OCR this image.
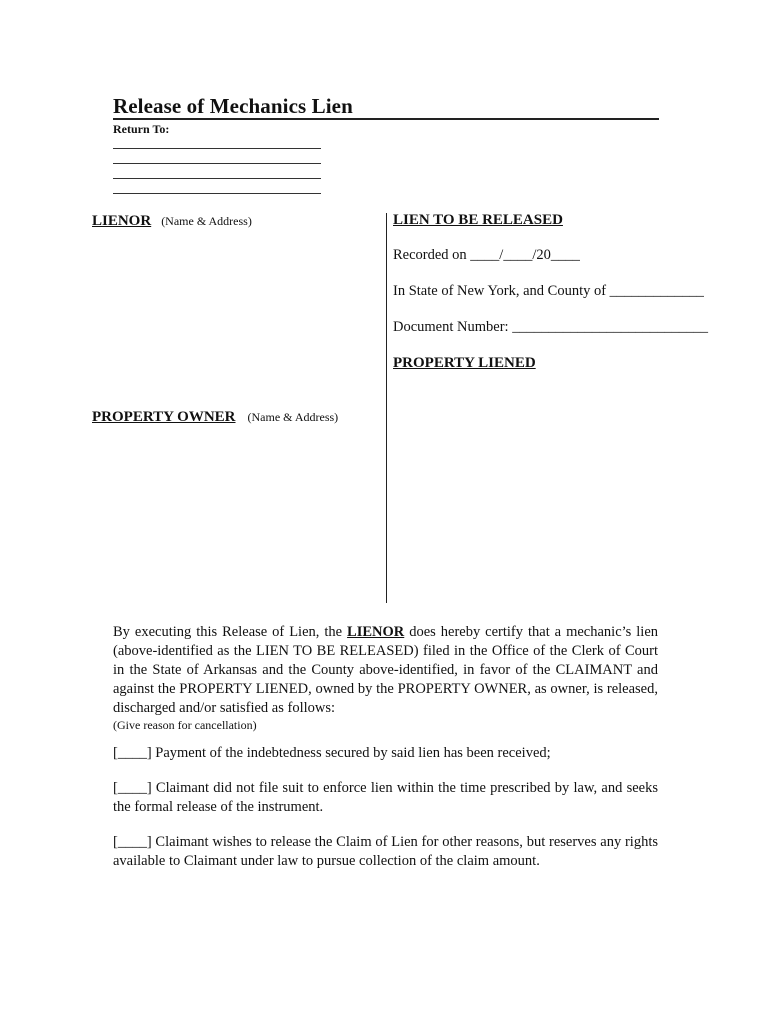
Release of Mechanics Lien
Return To:
LIENOR (Name & Address)
PROPERTY OWNER (Name & Address)
LIEN TO BE RELEASED
Recorded on ____/____/20____
In State of New York, and County of _____________
Document Number: ___________________________
PROPERTY LIENED
By executing this Release of Lien, the LIENOR does hereby certify that a mechanic’s lien (above-identified as the LIEN TO BE RELEASED) filed in the Office of the Clerk of Court in the State of Arkansas and the County above-identified, in favor of the CLAIMANT and against the PROPERTY LIENED, owned by the PROPERTY OWNER, as owner, is released, discharged and/or satisfied as follows:
(Give reason for cancellation)
[____] Payment of the indebtedness secured by said lien has been received;
[____] Claimant did not file suit to enforce lien within the time prescribed by law, and seeks the formal release of the instrument.
[____] Claimant wishes to release the Claim of Lien for other reasons, but reserves any rights available to Claimant under law to pursue collection of the claim amount.
